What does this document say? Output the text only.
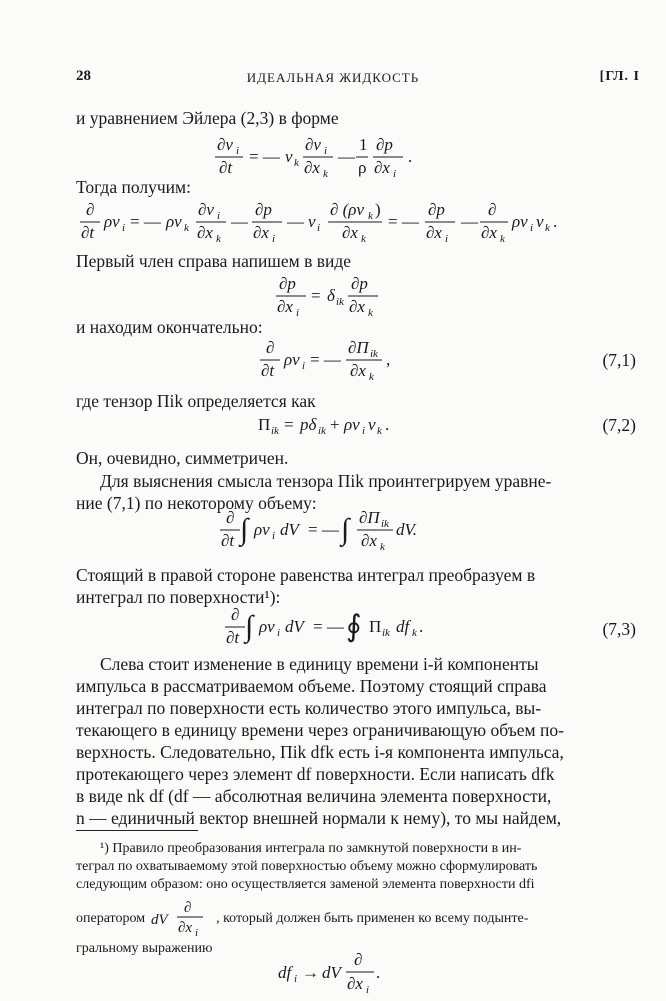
28	ИДЕАЛЬНАЯ ЖИДКОСТЬ	[ГЛ. I
и уравнением Эйлера (2,3) в форме
∂v i
∂t
= — v k
∂v i
∂x k
—
1
ρ
∂p
∂x i
.
Тогда получим:
∂
∂t
ρv i = — ρv k
∂v i
∂x k
—
∂p
∂x i
— v i
∂ (ρv k )
∂x k
= —
∂p
∂x i
—
∂
∂x k
ρv i v k .
Первый член справа напишем в виде
∂p
∂x i
= δ ik
∂p
∂x k
и находим окончательно:
∂
∂t
ρv i = —
∂Π ik
∂x k
,	(7,1)
где тензор Πik определяется как
Π ik = pδ ik + ρv i v k .	(7,2)
Он, очевидно, симметричен.
Для выяснения смысла тензора Πik проинтегрируем уравне-
ние (7,1) по некоторому объему:
∂
∂t ∫ ρv i dV = — ∫ ∂Π ik
∂x k
dV.
Стоящий в правой стороне равенства интеграл преобразуем в
интеграл по поверхности¹):
∂
∂t ∫ ρv i dV = — ∮ Π ik df k .	(7,3)
Слева стоит изменение в единицу времени i-й компоненты
импульса в рассматриваемом объеме. Поэтому стоящий справа
интеграл по поверхности есть количество этого импульса, вы-
текающего в единицу времени через ограничивающую объем по-
верхность. Следовательно, Πik dfk есть i-я компонента импульса,
протекающего через элемент df поверхности. Если написать dfk
в виде nk df (df — абсолютная величина элемента поверхности,
n — единичный вектор внешней нормали к нему), то мы найдем,
¹) Правило преобразования интеграла по замкнутой поверхности в ин-
теграл по охватываемому этой поверхностью объему можно сформулировать
следующим образом: оно осуществляется заменой элемента поверхности dfi
оператором dV
∂
∂x i
, который должен быть применен ко всему подынте-
гральному выражению
df i → dV
∂
∂x i
.
